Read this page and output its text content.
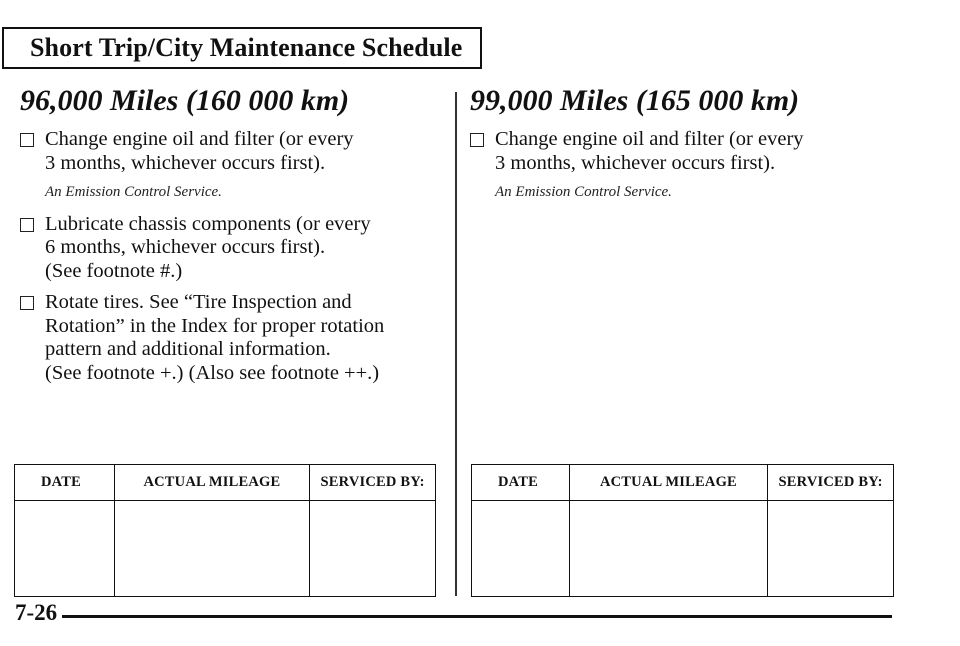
Short Trip/City Maintenance Schedule
96,000 Miles (160 000 km)
Change engine oil and filter (or every
3 months, whichever occurs first).
An Emission Control Service.
Lubricate chassis components (or every
6 months, whichever occurs first).
(See footnote #.)
Rotate tires. See “Tire Inspection and
Rotation” in the Index for proper rotation
pattern and additional information.
(See footnote +.) (Also see footnote ++.)
99,000 Miles (165 000 km)
Change engine oil and filter (or every
3 months, whichever occurs first).
An Emission Control Service.
DATE	ACTUAL MILEAGE	SERVICED BY:
			DATE	ACTUAL MILEAGE	SERVICED BY:

7-26
